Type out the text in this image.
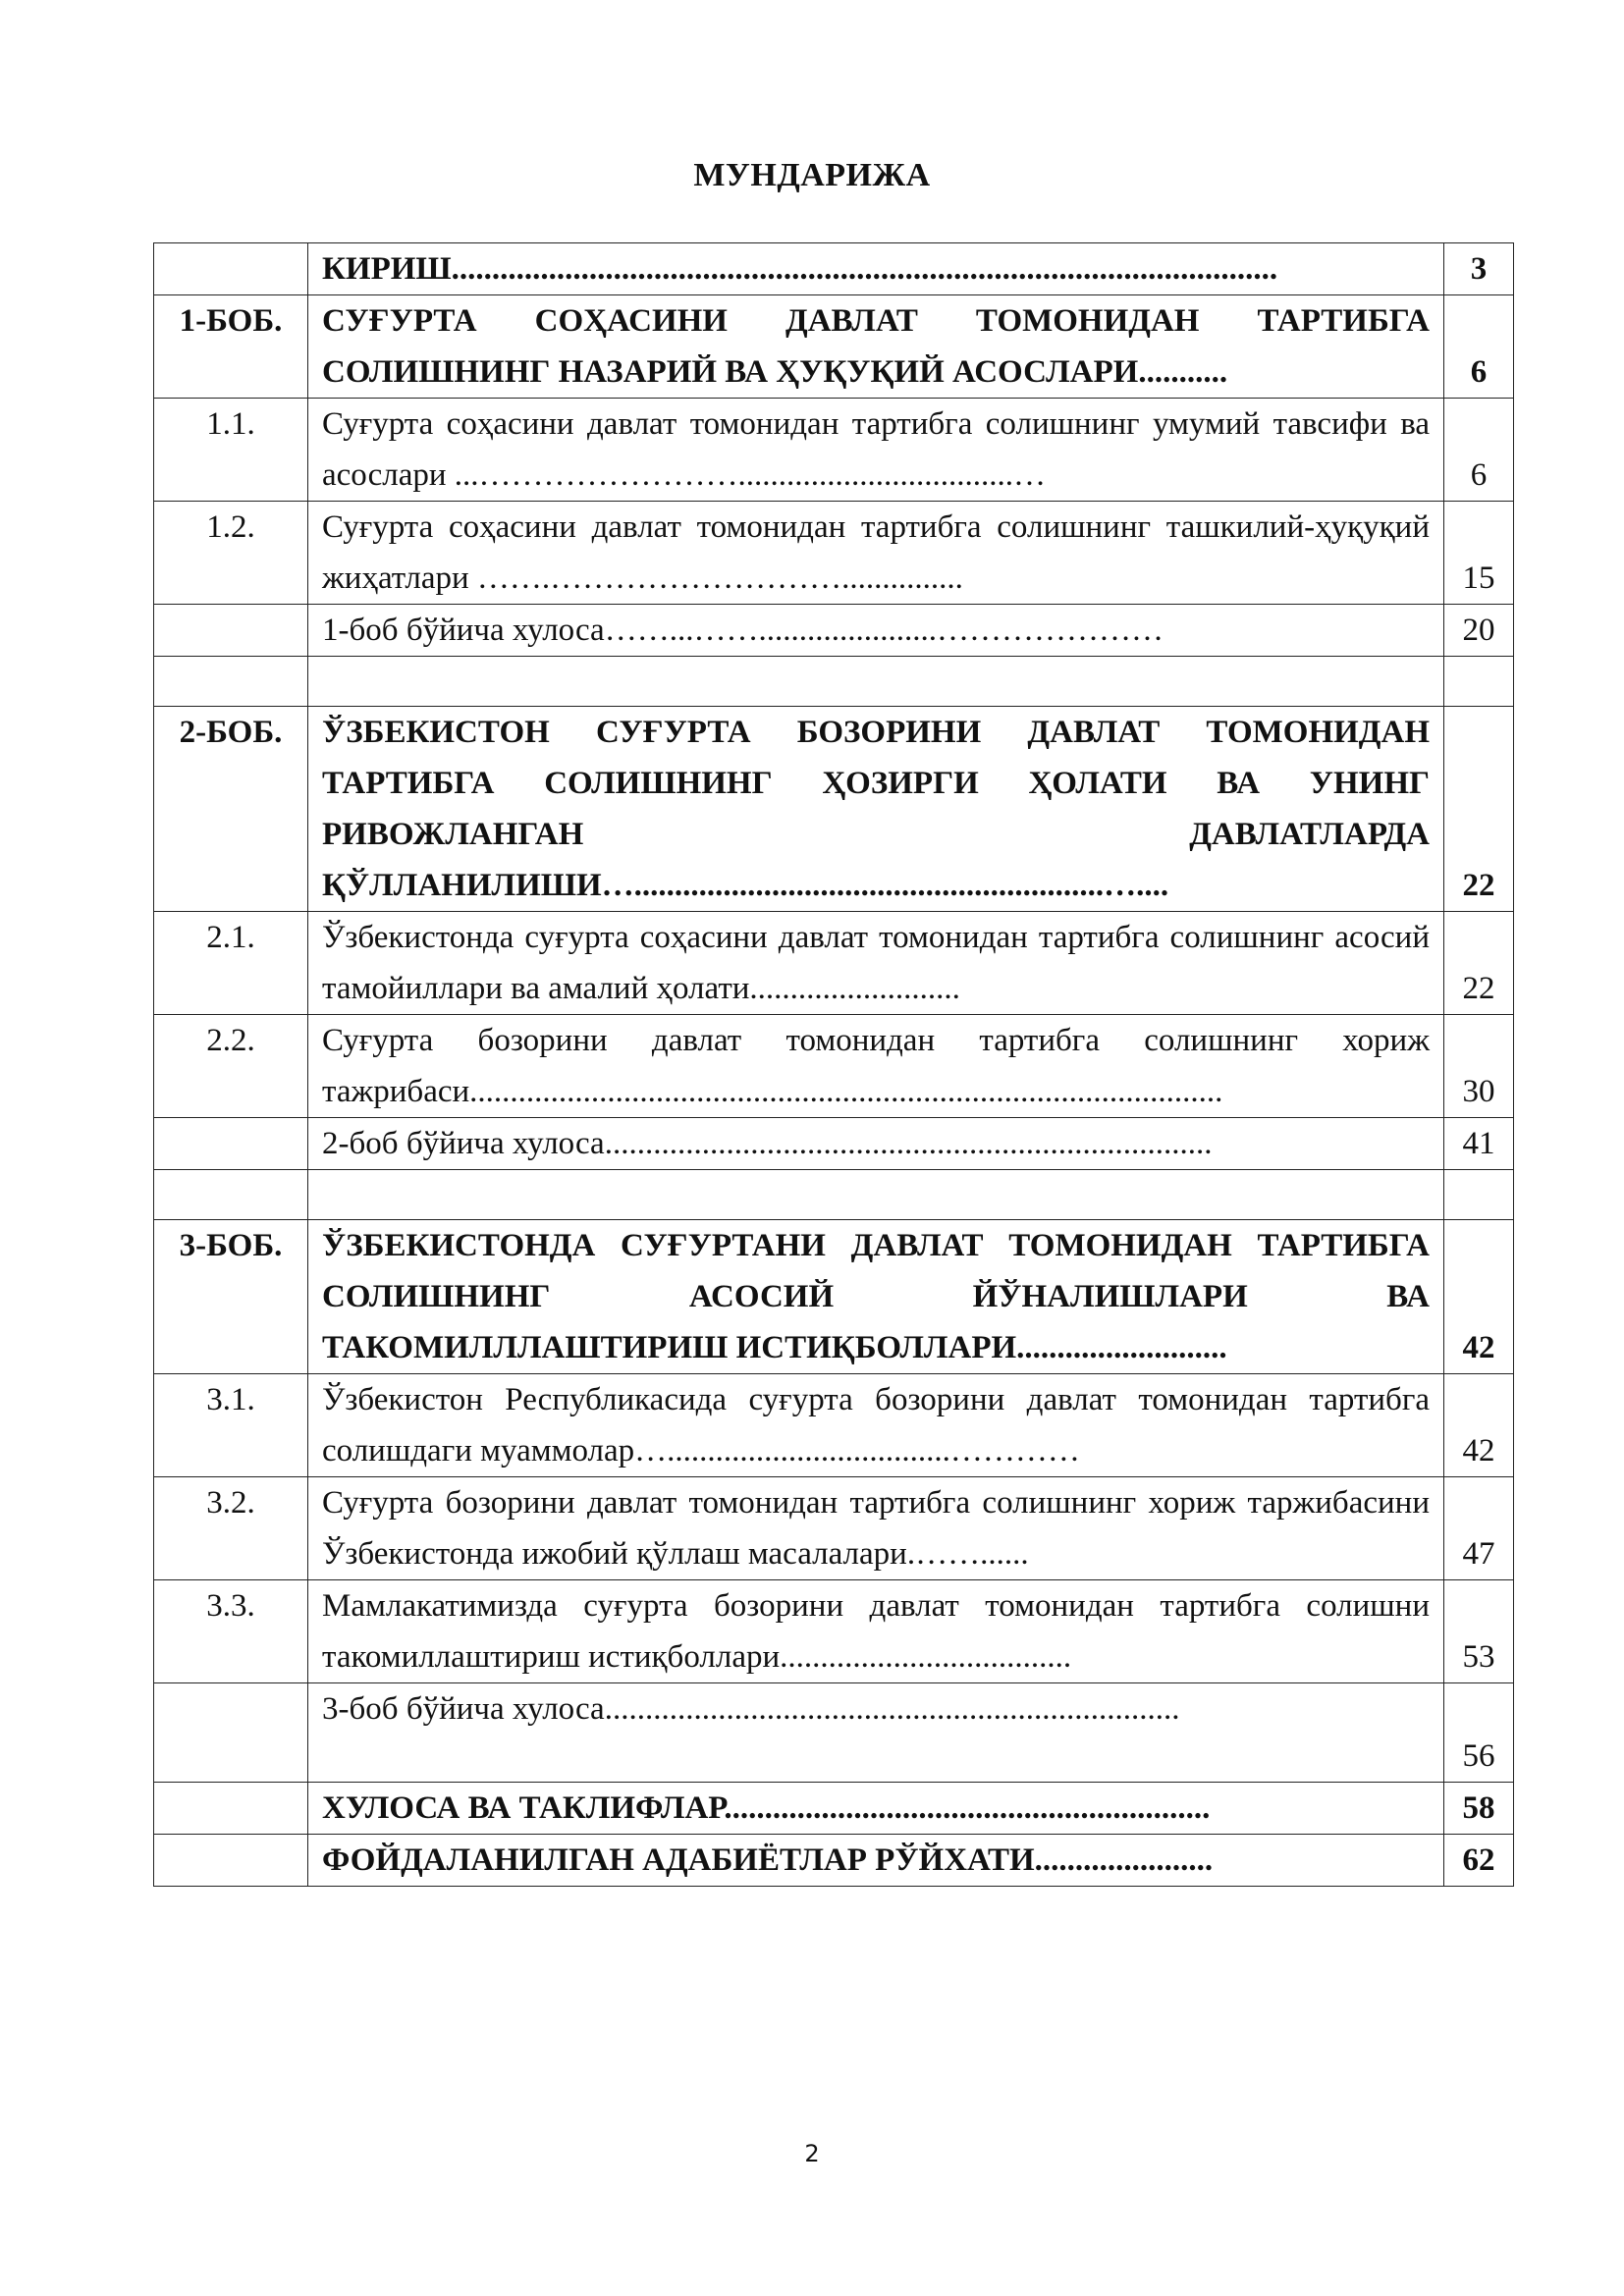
МУНДАРИЖА
	КИРИШ......................................................................................................	3
1-БОБ.	СУҒУРТА СОҲАСИНИ ДАВЛАТ ТОМОНИДАН ТАРТИБГА СОЛИШНИНГ НАЗАРИЙ ВА ҲУҚУҚИЙ АСОСЛАРИ...........	6
1.1.	Суғурта соҳасини давлат томонидан тартибга солишнинг умумий тавсифи ва асослари ...……………………..................................…	6
1.2.	Суғурта соҳасини давлат томонидан тартибга солишнинг ташкилий-ҳуқуқий жиҳатлари …….………………………...............	15
	1-боб бўйича хулоса……...……......................…………………	20

2-БОБ.	ЎЗБЕКИСТОН СУҒУРТА БОЗОРИНИ ДАВЛАТ ТОМОНИДАН ТАРТИБГА СОЛИШНИНГ ҲОЗИРГИ ҲОЛАТИ ВА УНИНГ РИВОЖЛАНГАН ДАВЛАТЛАРДА ҚЎЛЛАНИЛИШИ…..........................................................…....	22
2.1.	Ўзбекистонда суғурта соҳасини давлат томонидан тартибга солишнинг асосий тамойиллари ва амалий ҳолати..........................	22
2.2.	Суғурта бозорини давлат томонидан тартибга солишнинг хориж тажрибаси.............................................................................................	30
	2-боб бўйича хулоса...........................................................................	41

3-БОБ.	ЎЗБЕКИСТОНДА СУҒУРТАНИ ДАВЛАТ ТОМОНИДАН ТАРТИБГА СОЛИШНИНГ АСОСИЙ ЙЎНАЛИШЛАРИ ВА ТАКОМИЛЛЛАШТИРИШ ИСТИҚБОЛЛАРИ..........................	42
3.1.	Ўзбекистон Республикасида суғурта бозорини давлат томонидан тартибга солишдаги муаммолар…...................................…………	42
3.2.	Суғурта бозорини давлат томонидан тартибга солишнинг хориж таржибасини Ўзбекистонда ижобий қўллаш масалалари.……......	47
3.3.	Мамлакатимизда суғурта бозорини давлат томонидан тартибга солишни такомиллаштириш истиқболлари....................................	53
	3-боб бўйича хулоса.......................................................................	56
	ХУЛОСА ВА ТАКЛИФЛАР............................................................	58
	ФОЙДАЛАНИЛГАН АДАБИЁТЛАР РЎЙХАТИ......................	62
2
